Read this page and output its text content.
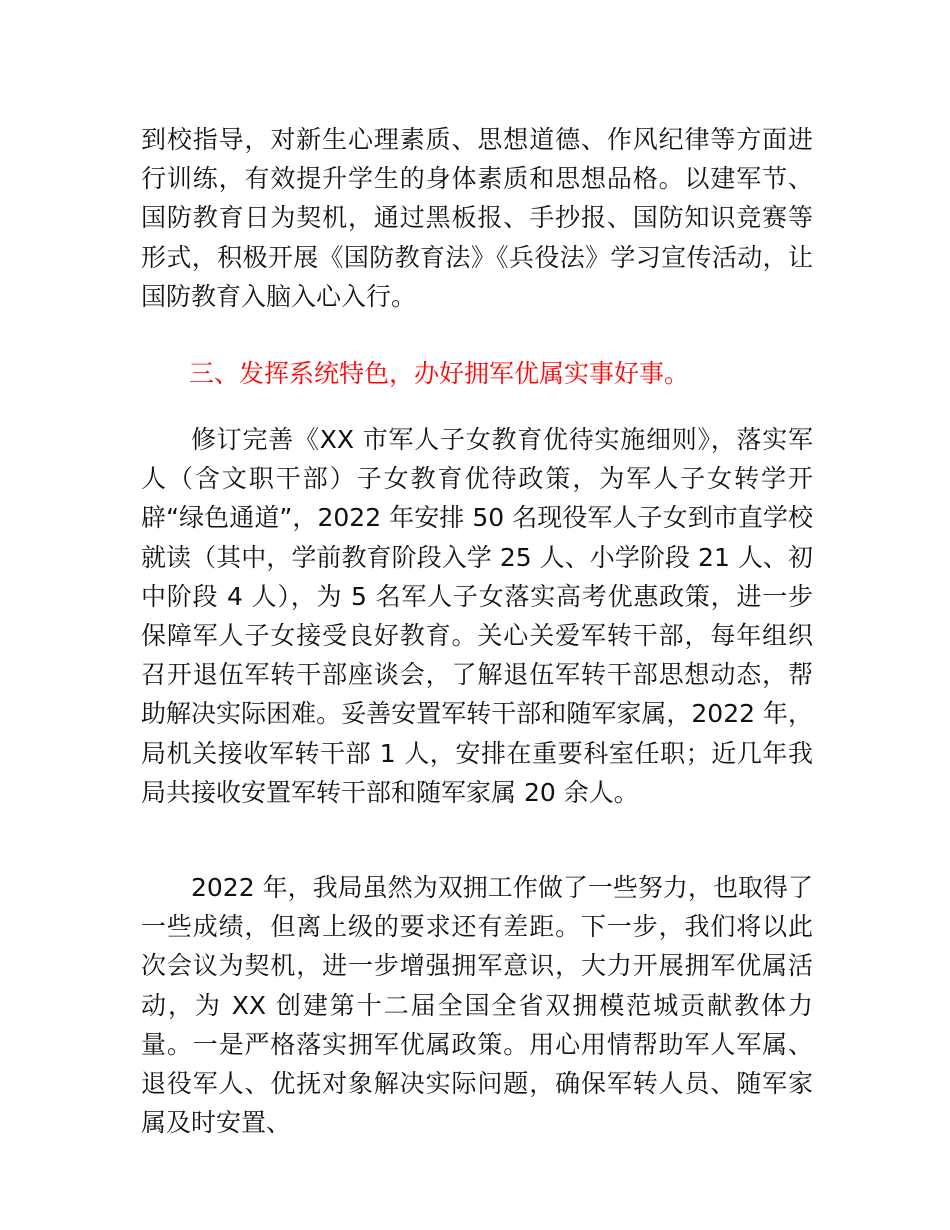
到校指导，对新生心理素质、思想道德、作风纪律等方面进行训练，有效提升学生的身体素质和思想品格。以建军节、国防教育日为契机，通过黑板报、手抄报、国防知识竞赛等形式，积极开展《国防教育法》《兵役法》学习宣传活动，让国防教育入脑入心入行。

三、发挥系统特色，办好拥军优属实事好事。

修订完善《XX 市军人子女教育优待实施细则》，落实军人（含文职干部）子女教育优待政策，为军人子女转学开辟“绿色通道”，2022 年安排 50 名现役军人子女到市直学校就读（其中，学前教育阶段入学 25 人、小学阶段 21 人、初中阶段 4 人），为 5 名军人子女落实高考优惠政策，进一步保障军人子女接受良好教育。关心关爱军转干部，每年组织召开退伍军转干部座谈会，了解退伍军转干部思想动态，帮助解决实际困难。妥善安置军转干部和随军家属，2022 年，局机关接收军转干部 1 人，安排在重要科室任职；近几年我局共接收安置军转干部和随军家属 20 余人。

2022 年，我局虽然为双拥工作做了一些努力，也取得了一些成绩，但离上级的要求还有差距。下一步，我们将以此次会议为契机，进一步增强拥军意识，大力开展拥军优属活动，为 XX 创建第十二届全国全省双拥模范城贡献教体力量。一是严格落实拥军优属政策。用心用情帮助军人军属、退役军人、优抚对象解决实际问题，确保军转人员、随军家属及时安置、
